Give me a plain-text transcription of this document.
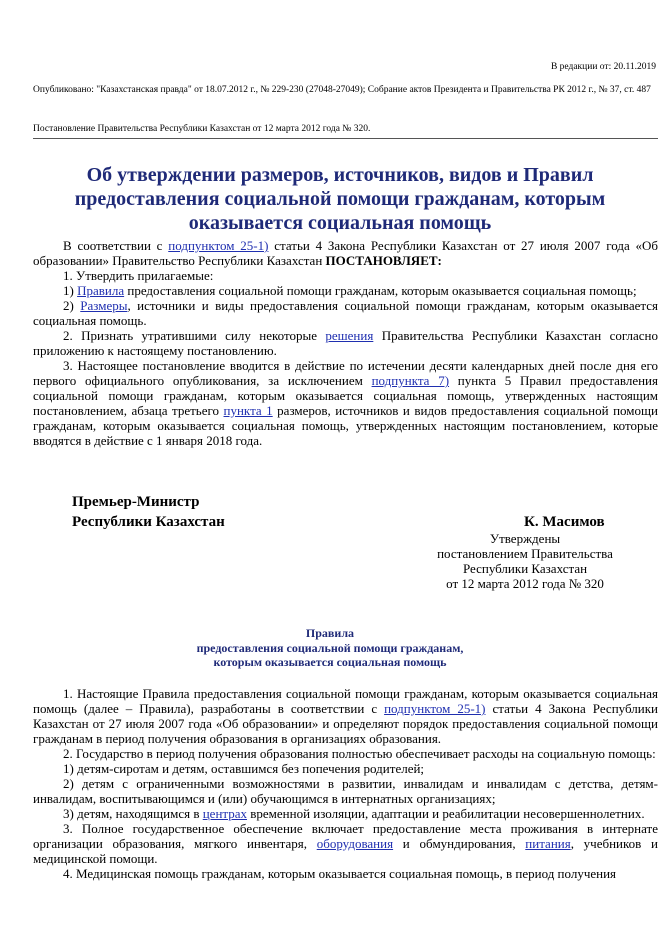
В редакции от: 20.11.2019
Опубликовано: "Казахстанская правда" от 18.07.2012 г., № 229-230 (27048-27049); Собрание актов Президента и Правительства РК 2012 г., № 37, ст. 487
Постановление Правительства Республики Казахстан от 12 марта 2012 года № 320.
Об утверждении размеров, источников, видов и Правил предоставления социальной помощи гражданам, которым оказывается социальная помощь

В соответствии с подпунктом 25-1) статьи 4 Закона Республики Казахстан от 27 июля 2007 года «Об образовании» Правительство Республики Казахстан ПОСТАНОВЛЯЕТ:

1. Утвердить прилагаемые:

1) Правила предоставления социальной помощи гражданам, которым оказывается социальная помощь;

2) Размеры, источники и виды предоставления социальной помощи гражданам, которым оказывается социальная помощь.

2. Признать утратившими силу некоторые решения Правительства Республики Казахстан согласно приложению к настоящему постановлению.

3. Настоящее постановление вводится в действие по истечении десяти календарных дней после дня его первого официального опубликования, за исключением подпункта 7) пункта 5 Правил предоставления социальной помощи гражданам, которым оказывается социальная помощь, утвержденных настоящим постановлением, абзаца третьего пункта 1 размеров, источников и видов предоставления социальной помощи гражданам, которым оказывается социальная помощь, утвержденных настоящим постановлением, которые вводятся в действие с 1 января 2018 года.

Премьер-Министр
Республики Казахстан	К. Масимов
Утверждены
постановлением Правительства
Республики Казахстан
от 12 марта 2012 года № 320
Правила
предоставления социальной помощи гражданам,
которым оказывается социальная помощь

1. Настоящие Правила предоставления социальной помощи гражданам, которым оказывается социальная помощь (далее – Правила), разработаны в соответствии с подпунктом 25-1) статьи 4 Закона Республики Казахстан от 27 июля 2007 года «Об образовании» и определяют порядок предоставления социальной помощи гражданам в период получения образования в организациях образования.

2. Государство в период получения образования полностью обеспечивает расходы на социальную помощь:

1) детям-сиротам и детям, оставшимся без попечения родителей;

2) детям с ограниченными возможностями в развитии, инвалидам и инвалидам с детства, детям-инвалидам, воспитывающимся и (или) обучающимся в интернатных организациях;

3) детям, находящимся в центрах временной изоляции, адаптации и реабилитации несовершеннолетних.

3. Полное государственное обеспечение включает предоставление места проживания в интернате организации образования, мягкого инвентаря, оборудования и обмундирования, питания, учебников и медицинской помощи.

4. Медицинская помощь гражданам, которым оказывается социальная помощь, в период получения
